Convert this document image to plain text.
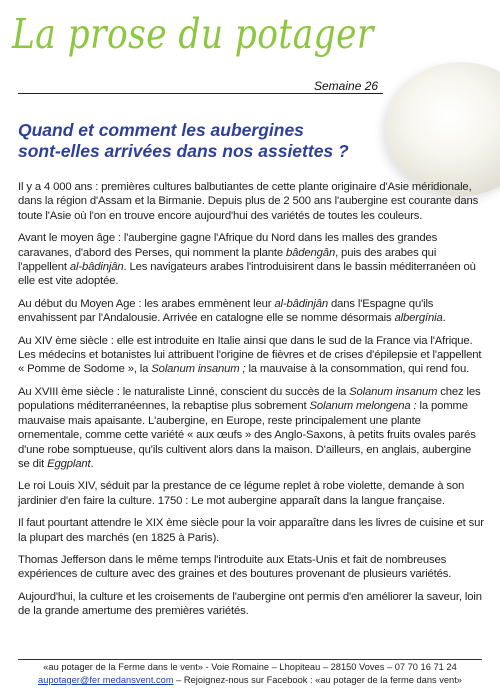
La prose du potager
Semaine 26
Quand et comment les aubergines
sont-elles arrivées dans nos assiettes ?

Il y a 4 000 ans : premières cultures balbutiantes de cette plante originaire d'Asie méridionale, dans la région d'Assam et la Birmanie. Depuis plus de 2 500 ans l'aubergine est courante dans toute l'Asie où l'on en trouve encore aujourd'hui des variétés de toutes les couleurs.

Avant le moyen âge : l'aubergine gagne l'Afrique du Nord dans les malles des grandes caravanes, d'abord des Perses, qui nomment la plante bâdengân, puis des arabes qui l'appellent al-bâdinjân. Les navigateurs arabes l'introduisirent dans le bassin méditerranéen où elle est vite adoptée.

Au début du Moyen Age : les arabes emmènent leur al-bâdinjân dans l'Espagne qu'ils envahissent par l'Andalousie. Arrivée en catalogne elle se nomme désormais albergínia.

Au XIV ème siècle : elle est introduite en Italie ainsi que dans le sud de la France via l'Afrique. Les médecins et botanistes lui attribuent l'origine de fièvres et de crises d'épilepsie et l'appellent « Pomme de Sodome », la Solanum insanum ; la mauvaise à la consommation, qui rend fou.

Au XVIII ème siècle : le naturaliste Linné, conscient du succès de la Solanum insanum chez les populations méditerranéennes, la rebaptise plus sobrement Solanum melongena : la pomme mauvaise mais apaisante. L'aubergine, en Europe, reste principalement une plante ornementale, comme cette variété « aux œufs » des Anglo-Saxons, à petits fruits ovales parés d'une robe somptueuse, qu'ils cultivent alors dans la maison. D'ailleurs, en anglais, aubergine se dit Eggplant.

Le roi Louis XIV, séduit par la prestance de ce légume replet à robe violette, demande à son jardinier d'en faire la culture. 1750 : Le mot aubergine apparaît dans la langue française.

Il faut pourtant attendre le XIX ème siècle pour la voir apparaître dans les livres de cuisine et sur la plupart des marchés (en 1825 à Paris).

Thomas Jefferson dans le même temps l'introduite aux Etats-Unis et fait de nombreuses expériences de culture avec des graines et des boutures provenant de plusieurs variétés.

Aujourd'hui, la culture et les croisements de l'aubergine ont permis d'en améliorer la saveur, loin de la grande amertume des premières variétés.

«au potager de la Ferme dans le vent» - Voie Romaine – Lhopiteau – 28150 Voves – 07 70 16 71 24
aupotager@fer medansvent.com – Rejoignez-nous sur Facebook : «au potager de la ferme dans vent»
